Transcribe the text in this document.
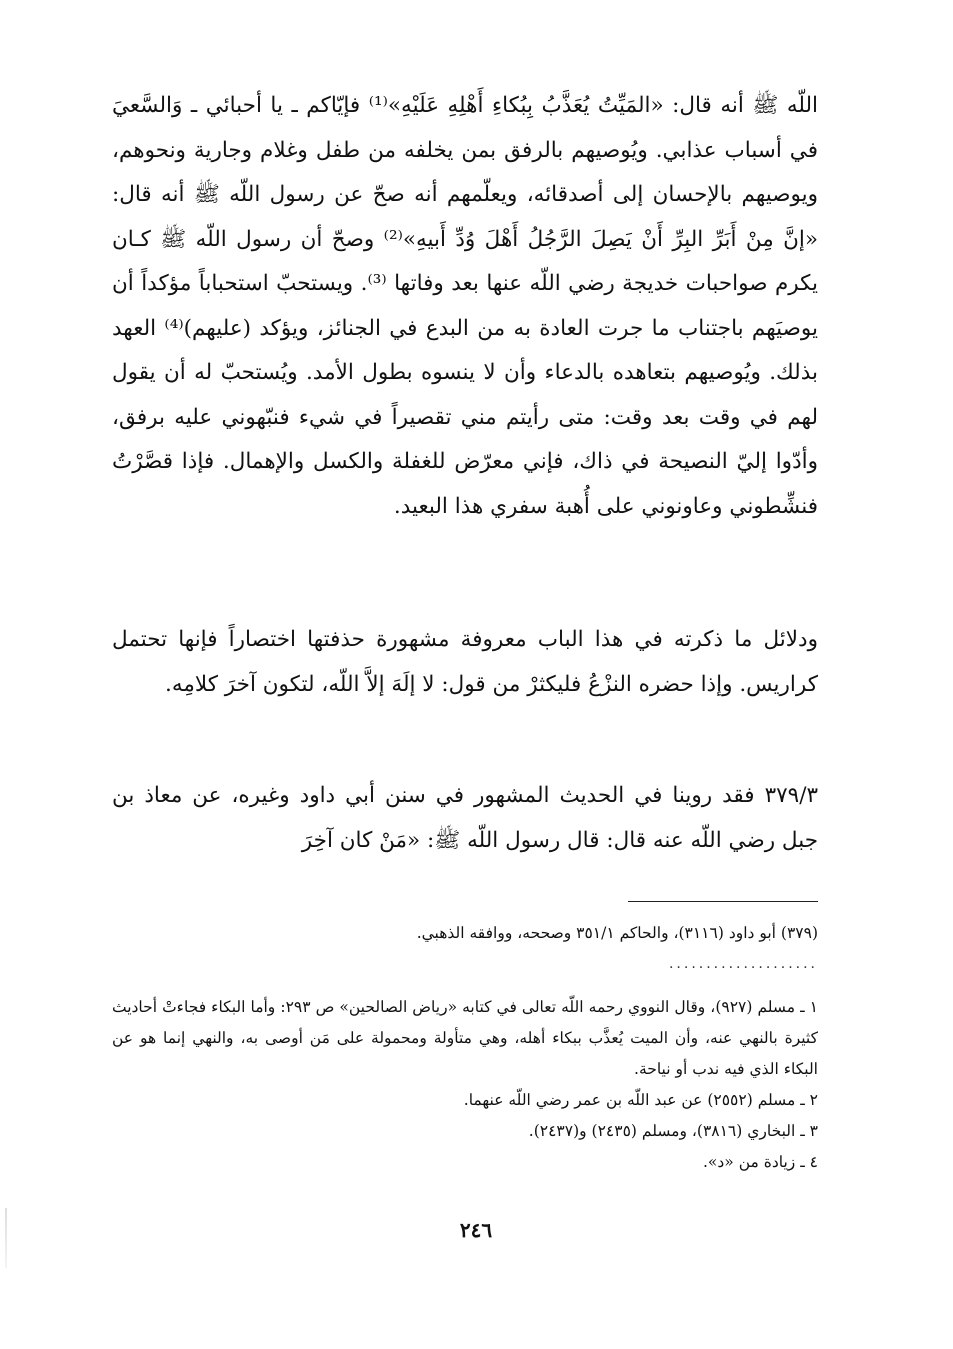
اللّه ﷺ أنه قال: «المَيِّتُ يُعَذَّبُ بِبُكاءِ أَهْلِهِ عَلَيْهِ»⁽¹⁾ فإيّاكم ـ يا أحبائي ـ وَالسَّعيَ في أسباب عذابي. ويُوصيهم بالرفق بمن يخلفه من طفل وغلام وجارية ونحوهم، ويوصيهم بالإحسان إلى أصدقائه، ويعلّمهم أنه صحّ عن رسول اللّه ﷺ أنه قال: «إنَّ مِنْ أَبَرِّ البِرِّ أَنْ يَصِلَ الرَّجُلُ أَهْلَ وُدِّ أَبيهِ»⁽²⁾ وصحّ أن رسول اللّه ﷺ كـان يكرم صواحبات خديجة رضي اللّه عنها بعد وفاتها ⁽³⁾. ويستحبّ استحباباً مؤكداً أن يوصيَهم باجتناب ما جرت العادة به من البدع في الجنائز، ويؤكد (عليهم)⁽⁴⁾ العهد بذلك. ويُوصيهم بتعاهده بالدعاء وأن لا ينسوه بطول الأمد. ويُستحبّ له أن يقول لهم في وقت بعد وقت: متى رأيتم مني تقصيراً في شيء فنبّهوني عليه برفق، وأدّوا إليّ النصيحة في ذاك، فإني معرّض للغفلة والكسل والإهمال. فإذا قصَّرْتُ فنشِّطوني وعاونوني على أُهبة سفري هذا البعيد.

ودلائل ما ذكرته في هذا الباب معروفة مشهورة حذفتها اختصاراً فإنها تحتمل كراريس. وإذا حضره النزْعُ فليكثرْ من قول: لا إلَهَ إلاَّ اللّه، لتكون آخرَ كلامِه.

٣٧٩/٣ فقد روينا في الحديث المشهور في سنن أبي داود وغيره، عن معاذ بن جبل رضي اللّه عنه قال: قال رسول اللّه ﷺ: «مَنْ كان آخِرَ

(٣٧٩) أبو داود (٣١١٦)، والحاكم ٣٥١/١ وصححه، ووافقه الذهبي.

....................

١ ـ مسلم (٩٢٧)، وقال النووي رحمه اللّه تعالى في كتابه «رياض الصالحين» ص ٢٩٣: وأما البكاء فجاءتْ أحاديث كثيرة بالنهي عنه، وأن الميت يُعذَّب ببكاء أهله، وهي متأولة ومحمولة على مَن أوصى به، والنهي إنما هو عن البكاء الذي فيه ندب أو نياحة.

٢ ـ مسلم (٢٥٥٢) عن عبد اللّه بن عمر رضي اللّه عنهما.

٣ ـ البخاري (٣٨١٦)، ومسلم (٢٤٣٥) و(٢٤٣٧).

٤ ـ زيادة من «د».

٢٤٦
